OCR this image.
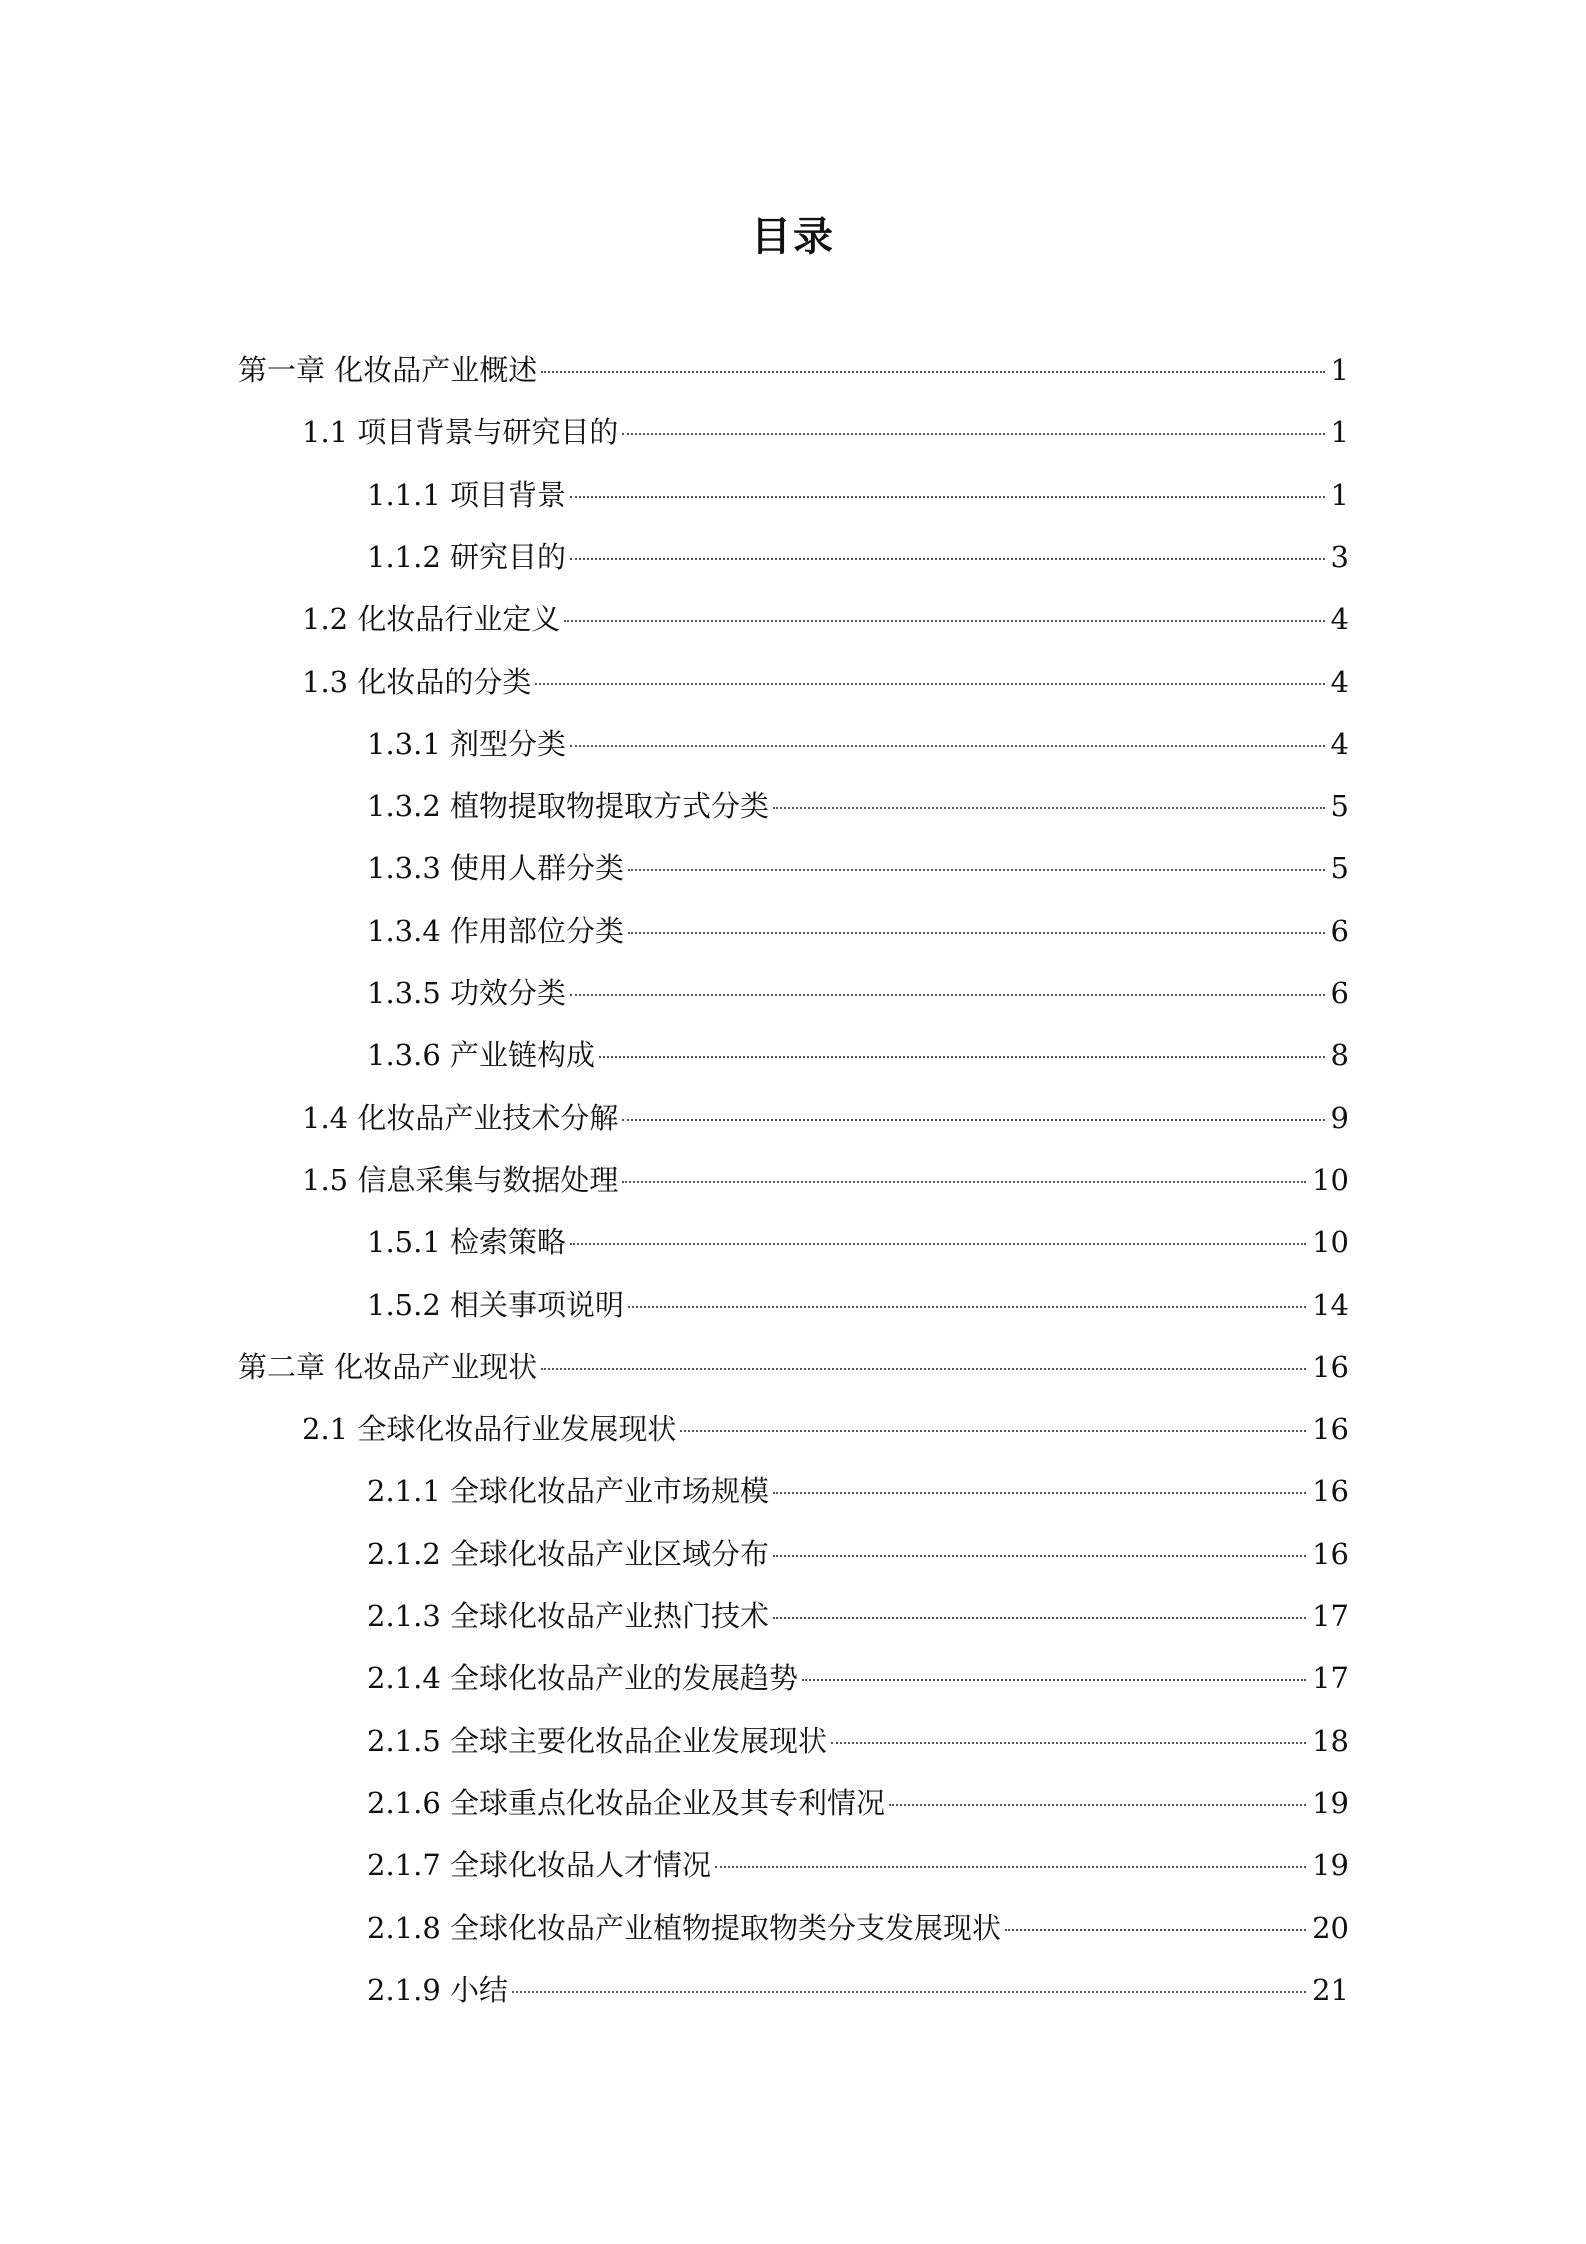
目录
第一章 化妆品产业概述	1
1.1 项目背景与研究目的	1
1.1.1 项目背景	1
1.1.2 研究目的	3
1.2 化妆品行业定义	4
1.3 化妆品的分类	4
1.3.1 剂型分类	4
1.3.2 植物提取物提取方式分类	5
1.3.3 使用人群分类	5
1.3.4 作用部位分类	6
1.3.5 功效分类	6
1.3.6 产业链构成	8
1.4 化妆品产业技术分解	9
1.5 信息采集与数据处理	10
1.5.1 检索策略	10
1.5.2 相关事项说明	14
第二章 化妆品产业现状	16
2.1 全球化妆品行业发展现状	16
2.1.1 全球化妆品产业市场规模	16
2.1.2 全球化妆品产业区域分布	16
2.1.3 全球化妆品产业热门技术	17
2.1.4 全球化妆品产业的发展趋势	17
2.1.5 全球主要化妆品企业发展现状	18
2.1.6 全球重点化妆品企业及其专利情况	19
2.1.7 全球化妆品人才情况	19
2.1.8 全球化妆品产业植物提取物类分支发展现状	20
2.1.9 小结	21
